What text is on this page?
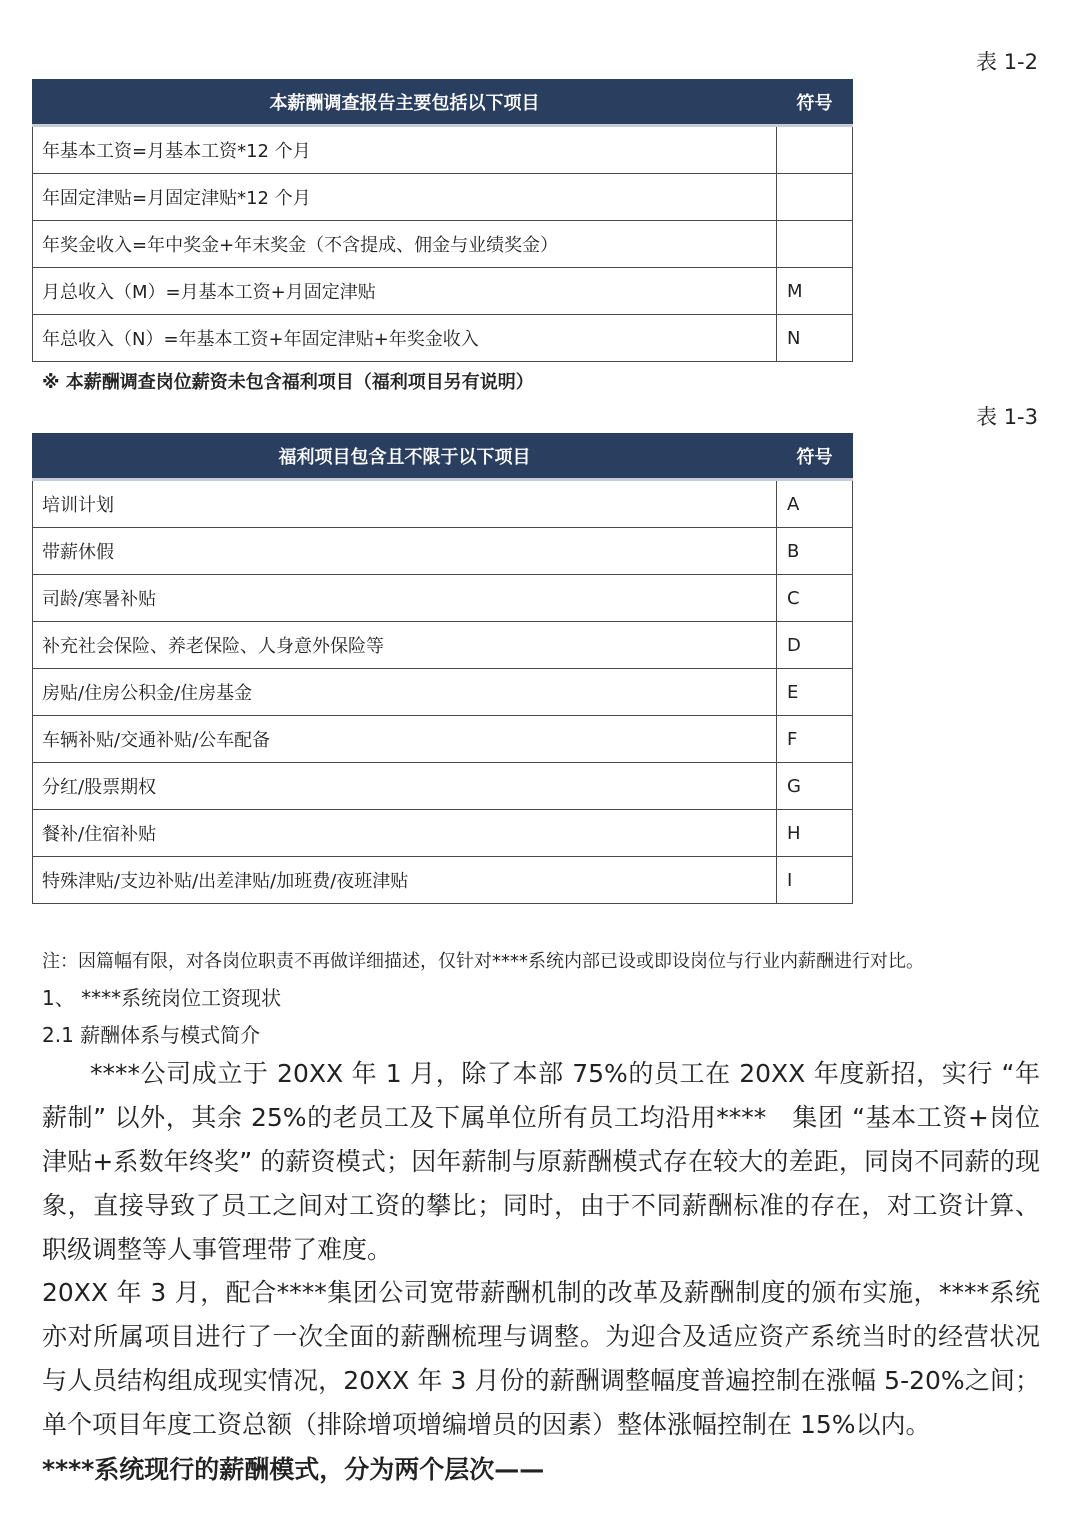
表 1-2
本薪酬调查报告主要包括以下项目	符号
年基本工资=月基本工资*12 个月	
年固定津贴=月固定津贴*12 个月	
年奖金收入=年中奖金+年末奖金（不含提成、佣金与业绩奖金）	
月总收入（M）=月基本工资+月固定津贴	M
年总收入（N）=年基本工资+年固定津贴+年奖金收入	N
※ 本薪酬调查岗位薪资未包含福利项目（福利项目另有说明）
表 1-3
福利项目包含且不限于以下项目	符号
培训计划	A
带薪休假	B
司龄/寒暑补贴	C
补充社会保险、养老保险、人身意外保险等	D
房贴/住房公积金/住房基金	E
车辆补贴/交通补贴/公车配备	F
分红/股票期权	G
餐补/住宿补贴	H
特殊津贴/支边补贴/出差津贴/加班费/夜班津贴	I
注：因篇幅有限，对各岗位职责不再做详细描述，仅针对****系统内部已设或即设岗位与行业内薪酬进行对比。
1、 ****系统岗位工资现状
2.1 薪酬体系与模式简介

****公司成立于 20XX 年 1 月，除了本部 75%的员工在 20XX 年度新招，实行 “年薪制” 以外，其余 25%的老员工及下属单位所有员工均沿用****　集团 “基本工资+岗位津贴+系数年终奖” 的薪资模式；因年薪制与原薪酬模式存在较大的差距，同岗不同薪的现象，直接导致了员工之间对工资的攀比；同时，由于不同薪酬标准的存在，对工资计算、职级调整等人事管理带了难度。

20XX 年 3 月，配合****集团公司宽带薪酬机制的改革及薪酬制度的颁布实施，****系统亦对所属项目进行了一次全面的薪酬梳理与调整。为迎合及适应资产系统当时的经营状况与人员结构组成现实情况，20XX 年 3 月份的薪酬调整幅度普遍控制在涨幅 5-20%之间；单个项目年度工资总额（排除增项增编增员的因素）整体涨幅控制在 15%以内。

****系统现行的薪酬模式，分为两个层次——
